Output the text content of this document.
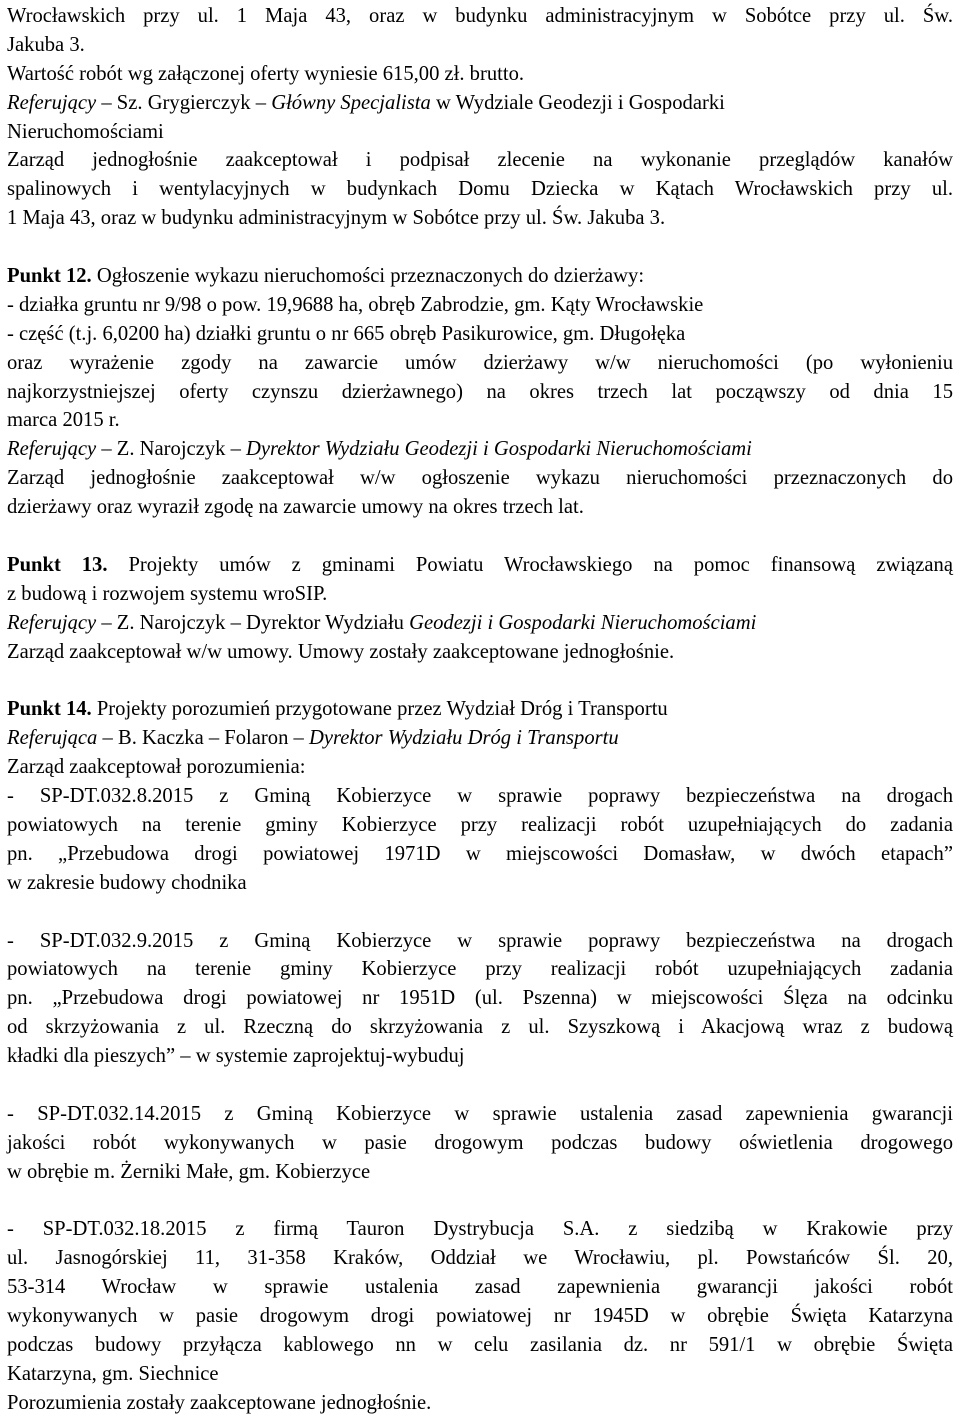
Wrocławskich przy ul. 1 Maja 43, oraz w budynku administracyjnym w Sobótce przy ul. Św.
Jakuba 3.
Wartość robót wg załączonej oferty wyniesie 615,00 zł. brutto.
Referujący – Sz. Grygierczyk – Główny Specjalista w Wydziale Geodezji i Gospodarki
Nieruchomościami
Zarząd jednogłośnie zaakceptował i podpisał zlecenie na wykonanie przeglądów kanałów
spalinowych i wentylacyjnych w budynkach Domu Dziecka w Kątach Wrocławskich przy ul.
1 Maja 43, oraz w budynku administracyjnym w Sobótce przy ul. Św. Jakuba 3.
Punkt 12. Ogłoszenie wykazu nieruchomości przeznaczonych do dzierżawy:
- działka gruntu nr 9/98 o pow. 19,9688 ha, obręb Zabrodzie, gm. Kąty Wrocławskie
- część (t.j. 6,0200 ha) działki gruntu o nr 665 obręb Pasikurowice, gm. Długołęka
oraz wyrażenie zgody na zawarcie umów dzierżawy w/w nieruchomości (po wyłonieniu
najkorzystniejszej oferty czynszu dzierżawnego) na okres trzech lat począwszy od dnia 15
marca 2015 r.
Referujący – Z. Narojczyk – Dyrektor Wydziału Geodezji i Gospodarki Nieruchomościami
Zarząd jednogłośnie zaakceptował w/w ogłoszenie wykazu nieruchomości przeznaczonych do
dzierżawy oraz wyraził zgodę na zawarcie umowy na okres trzech lat.
Punkt 13. Projekty umów z gminami Powiatu Wrocławskiego na pomoc finansową związaną
z budową i rozwojem systemu wroSIP.
Referujący – Z. Narojczyk – Dyrektor Wydziału Geodezji i Gospodarki Nieruchomościami
Zarząd zaakceptował w/w umowy. Umowy zostały zaakceptowane jednogłośnie.
Punkt 14. Projekty porozumień przygotowane przez Wydział Dróg i Transportu
Referująca – B. Kaczka – Folaron – Dyrektor Wydziału Dróg i Transportu
Zarząd zaakceptował porozumienia:
- SP-DT.032.8.2015 z Gminą Kobierzyce w sprawie poprawy bezpieczeństwa na drogach
powiatowych na terenie gminy Kobierzyce przy realizacji robót uzupełniających do zadania
pn. „Przebudowa drogi powiatowej 1971D w miejscowości Domasław, w dwóch etapach”
w zakresie budowy chodnika
- SP-DT.032.9.2015 z Gminą Kobierzyce w sprawie poprawy bezpieczeństwa na drogach
powiatowych na terenie gminy Kobierzyce przy realizacji robót uzupełniających zadania
pn. „Przebudowa drogi powiatowej nr 1951D (ul. Pszenna) w miejscowości Ślęza na odcinku
od skrzyżowania z ul. Rzeczną do skrzyżowania z ul. Szyszkową i Akacjową wraz z budową
kładki dla pieszych” – w systemie zaprojektuj-wybuduj
- SP-DT.032.14.2015 z Gminą Kobierzyce w sprawie ustalenia zasad zapewnienia gwarancji
jakości robót wykonywanych w pasie drogowym podczas budowy oświetlenia drogowego
w obrębie m. Żerniki Małe, gm. Kobierzyce
- SP-DT.032.18.2015 z firmą Tauron Dystrybucja S.A. z siedzibą w Krakowie przy
ul. Jasnogórskiej 11, 31-358 Kraków, Oddział we Wrocławiu, pl. Powstańców Śl. 20,
53-314 Wrocław w sprawie ustalenia zasad zapewnienia gwarancji jakości robót
wykonywanych w pasie drogowym drogi powiatowej nr 1945D w obrębie Święta Katarzyna
podczas budowy przyłącza kablowego nn w celu zasilania dz. nr 591/1 w obrębie Święta
Katarzyna, gm. Siechnice
Porozumienia zostały zaakceptowane jednogłośnie.
